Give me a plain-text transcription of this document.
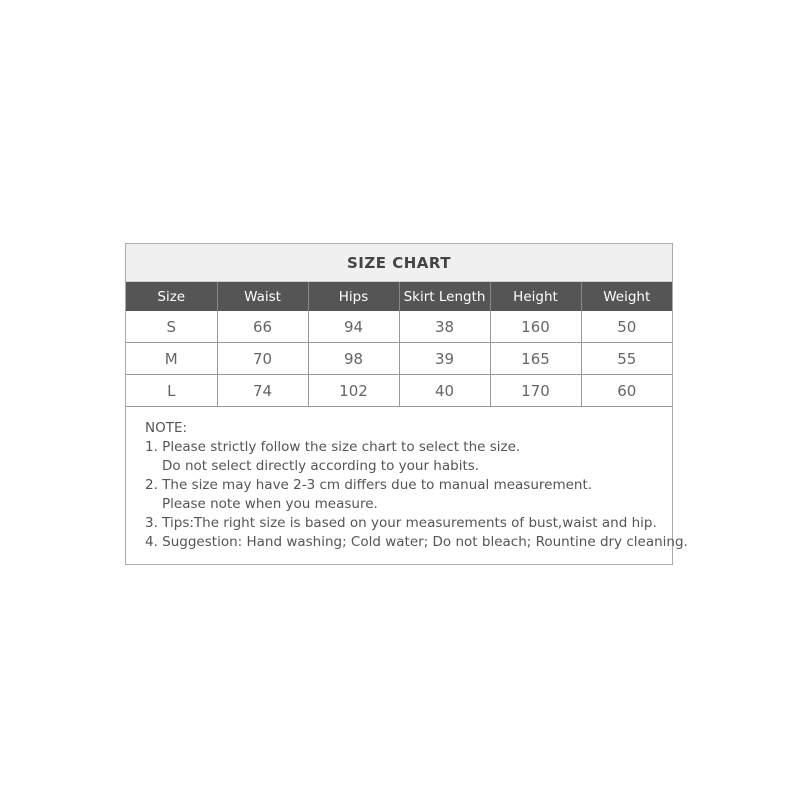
SIZE CHART
Size	Waist	Hips	Skirt Length	Height	Weight
S	66	94	38	160	50
M	70	98	39	165	55
L	74	102	40	170	60
NOTE:
1. Please strictly follow the size chart to select the size.
Do not select directly according to your habits.
2. The size may have 2-3 cm differs due to manual measurement.
Please note when you measure.
3. Tips:The right size is based on your measurements of bust,waist and hip.
4. Suggestion: Hand washing; Cold water; Do not bleach; Rountine dry cleaning.
